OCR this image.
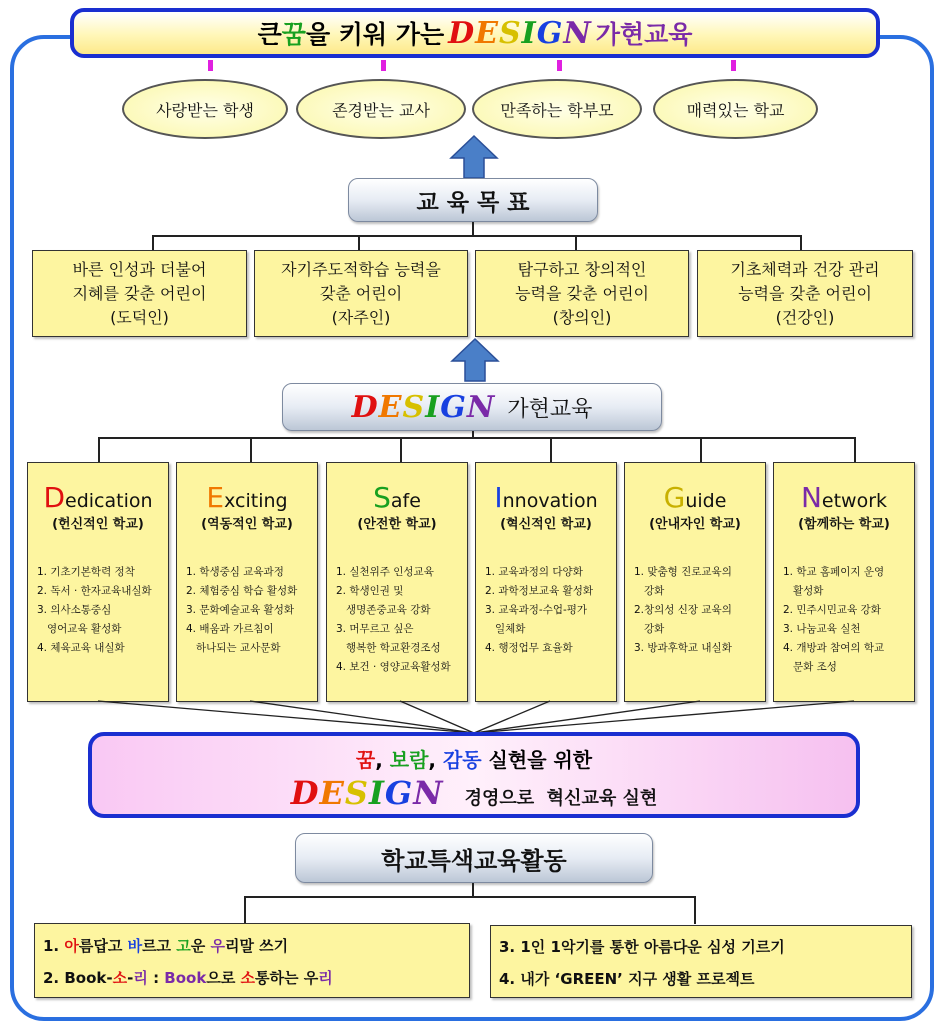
큰 꿈 을 키워 가는 DESIGN 가현교육
사랑받는 학생	존경받는 교사	만족하는 학부모	매력있는 학교
교 육 목 표
바른 인성과 더불어
지혜를 갖춘 어린이
(도덕인)
자기주도적학습 능력을
갖춘 어린이
(자주인)
탐구하고 창의적인
능력을 갖춘 어린이
(창의인)
기초체력과 건강 관리
능력을 갖춘 어린이
(건강인)
DESIGN 가현교육
Dedication
(헌신적인 학교)
1. 기초기본학력 정착
2. 독서 · 한자교육내실화
3. 의사소통중심
영어교육 활성화
4. 체육교육 내실화
Exciting
(역동적인 학교)
1. 학생중심 교육과정
2. 체험중심 학습 활성화
3. 문화예술교육 활성화
4. 배움과 가르침이
하나되는 교사문화
Safe
(안전한 학교)
1. 실천위주 인성교육
2. 학생인권 및
생명존중교육 강화
3. 머무르고 싶은
행복한 학교환경조성
4. 보건 · 영양교육활성화
Innovation
(혁신적인 학교)
1. 교육과정의 다양화
2. 과학정보교육 활성화
3. 교육과정-수업-평가
일체화
4. 행정업무 효율화
Guide
(안내자인 학교)
1. 맞춤형 진로교육의
강화
2.창의성 신장 교육의
강화
3. 방과후학교 내실화
Network
(함께하는 학교)
1. 학교 홈페이지 운영
활성화
2. 민주시민교육 강화
3. 나눔교육 실천
4. 개방과 참여의 학교
문화 조성
꿈, 보람, 감동 실현을 위한
DESIGN 경영으로  혁신교육 실현
학교특색교육활동
1. 아름답고 바르고 고운 우리말 쓰기
2. Book-소-리 : Book으로 소통하는 우리
3. 1인 1악기를 통한 아름다운 심성 기르기
4. 내가 ‘GREEN’ 지구 생활 프로젝트
